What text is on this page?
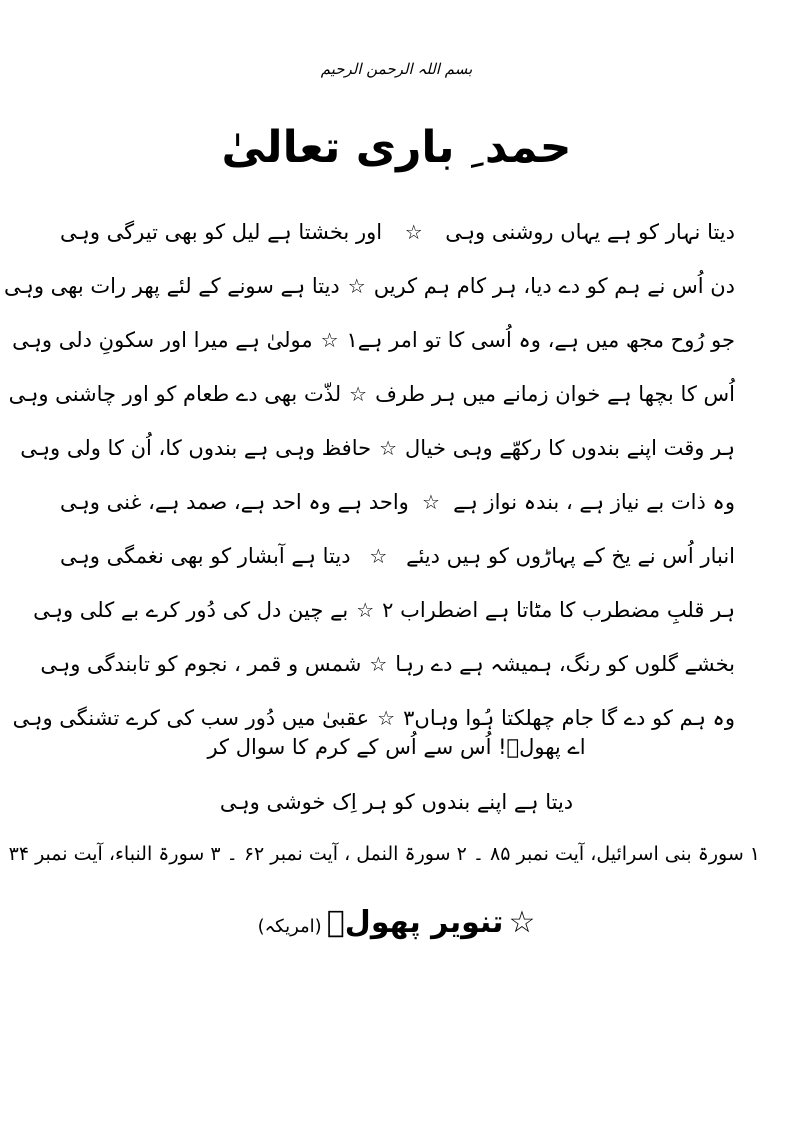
بسم اللہ الرحمن الرحیم
حمد ِ باری تعالیٰ
دیتا نہار کو ہے یہاں روشنی وہی
☆
اور بخشتا ہے لیل کو بھی تیرگی وہی
دن اُس نے ہم کو دے دیا، ہر کام ہم کریں
☆
دیتا ہے سونے کے لئے پھر رات بھی وہی
جو رُوح مجھ میں ہے، وہ اُسی کا تو امر ہے۱
☆
مولیٰ ہے میرا اور سکونِ دلی وہی
اُس کا بچھا ہے خوان زمانے میں ہر طرف
☆
لذّت بھی دے طعام کو اور چاشنی وہی
ہر وقت اپنے بندوں کا رکھّے وہی خیال
☆
حافظ وہی ہے بندوں کا، اُن کا ولی وہی
وہ ذات بے نیاز ہے ، بندہ نواز ہے
☆
واحد ہے وہ احد ہے، صمد ہے، غنی وہی
انبار اُس نے یخ کے پہاڑوں کو ہیں دیئے
☆
دیتا ہے آبشار کو بھی نغمگی وہی
ہر قلبِ مضطرب کا مٹاتا ہے اضطراب ۲
☆
بے چین دل کی دُور کرے بے کلی وہی
بخشے گلوں کو رنگ، ہمیشہ ہے دے رہا
☆
شمس و قمر ، نجوم کو تابندگی وہی
وہ ہم کو دے گا جام چھلکتا ہُوا وہاں۳
☆
عقبیٰ میں دُور سب کی کرے تشنگی وہی
اے پھولؔ! اُس سے اُس کے کرم کا سوال کر
دیتا ہے اپنے بندوں کو ہر اِک خوشی وہی
۱ سورۃ بنی اسرائیل، آیت نمبر ۸۵ ۔ ۲ سورۃ النمل ، آیت نمبر ۶۲ ۔ ۳ سورۃ النباء، آیت نمبر ۳۴
☆ تنویر پھولؔ (امریکہ)
